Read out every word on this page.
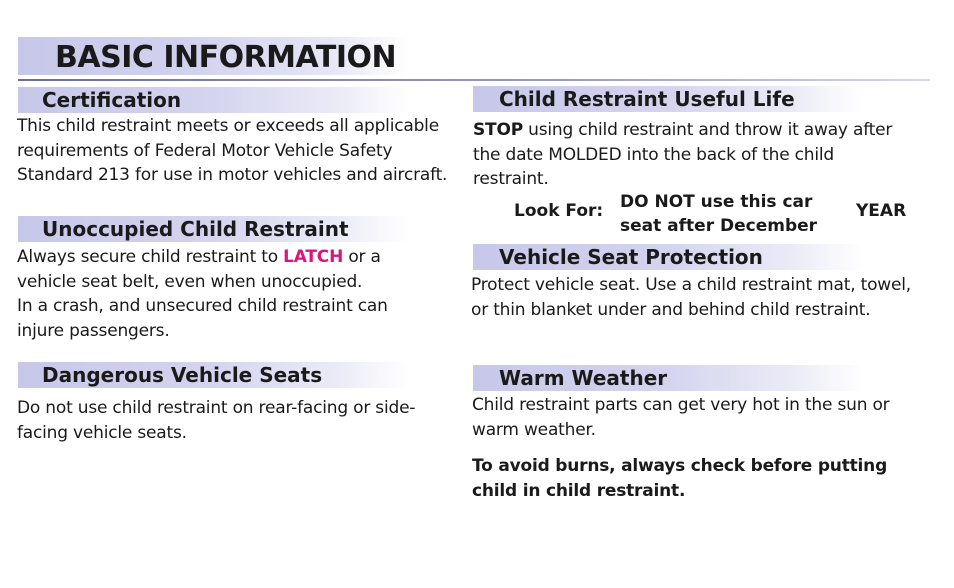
BASIC INFORMATION
Certification

This child restraint meets or exceeds all applicable requirements of Federal Motor Vehicle Safety Standard 213 for use in motor vehicles and aircraft.

Unoccupied Child Restraint

Always secure child restraint to LATCH or a vehicle seat belt, even when unoccupied.

In a crash, and unsecured child restraint can injure passengers.

Dangerous Vehicle Seats

Do not use child restraint on rear-facing or side-facing vehicle seats.

Child Restraint Useful Life

STOP using child restraint and throw it away after the date MOLDED into the back of the child restraint.

Look For: DO NOT use this car
seat after December
YEAR
Vehicle Seat Protection

Protect vehicle seat. Use a child restraint mat, towel, or thin blanket under and behind child restraint.

Warm Weather

Child restraint parts can get very hot in the sun or warm weather.

To avoid burns, always check before putting child in child restraint.
